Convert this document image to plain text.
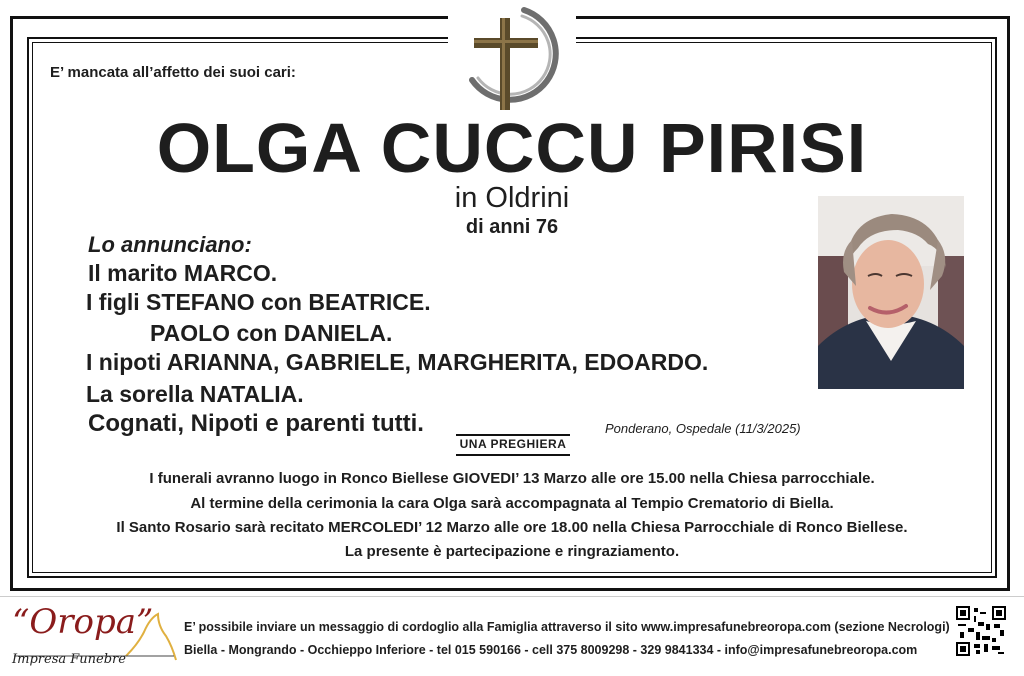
E’ mancata all’affetto dei suoi cari:
OLGA CUCCU PIRISI
in Oldrini
di anni 76
Lo annunciano:
Il marito MARCO.
I figli STEFANO con BEATRICE.
PAOLO con DANIELA.
I nipoti ARIANNA, GABRIELE, MARGHERITA, EDOARDO.
La sorella NATALIA.
Cognati, Nipoti e parenti tutti.
UNA PREGHIERA
Ponderano, Ospedale (11/3/2025)
I funerali avranno luogo in Ronco Biellese GIOVEDI’ 13 Marzo alle ore 15.00 nella Chiesa parrocchiale.
Al termine della cerimonia la cara Olga sarà accompagnata al Tempio Crematorio di Biella.
Il Santo Rosario sarà recitato MERCOLEDI’ 12 Marzo alle ore 18.00 nella Chiesa Parrocchiale di Ronco Biellese.
La presente è partecipazione e ringraziamento.
“Oropa”
Impresa Funebre
E’ possibile inviare un messaggio di cordoglio alla Famiglia attraverso il sito www.impresafunebreoropa.com (sezione Necrologi)
Biella - Mongrando - Occhieppo Inferiore - tel 015 590166 - cell 375 8009298 - 329 9841334 - info@impresafunebreoropa.com
